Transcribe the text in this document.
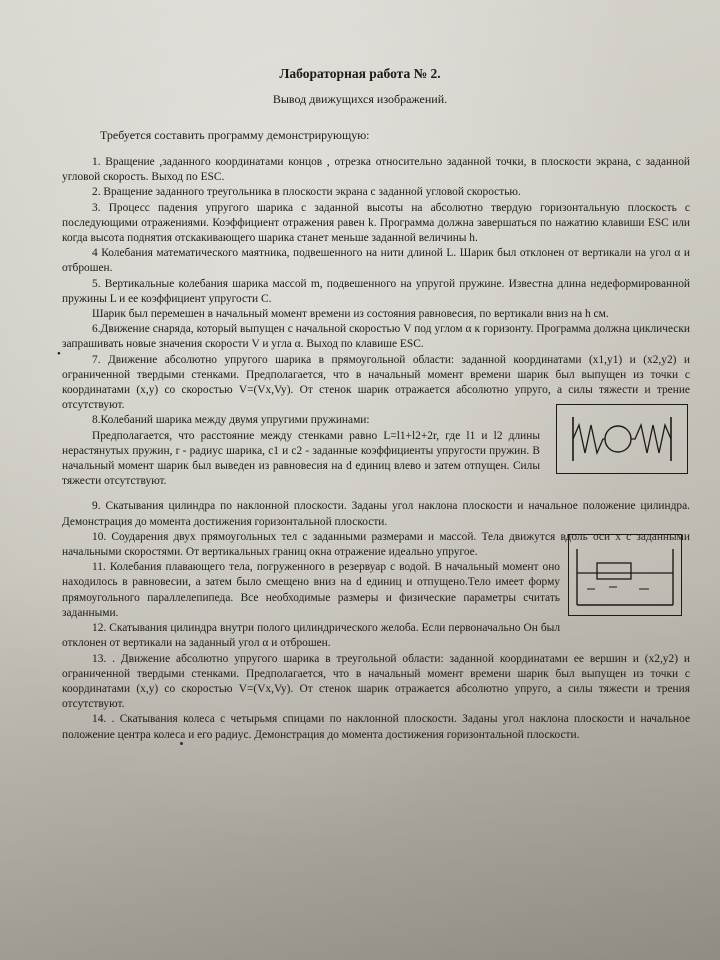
Лабораторная работа № 2.
Вывод движущихся изображений.
Требуется составить программу демонстрирующую:
•

1. Вращение ,заданного координатами концов , отрезка относительно заданной точки, в плоскости экрана, с заданной угловой скорость. Выход по ESC.

2. Вращение заданного треугольника в плоскости экрана с заданной угловой скоростью.

3. Процесс падения упругого шарика с заданной высоты на абсолютно твердую горизонтальную плоскость с последующими отражениями. Коэффициент отражения равен k. Программа должна завершаться по нажатию клавиши ESC или когда высота поднятия отскакивающего шарика станет меньше заданной величины h.

4 Колебания математического маятника, подвешенного на нити длиной L. Шарик был отклонен от вертикали на угол α и отброшен.

5. Вертикальные колебания шарика массой m, подвешенного на упругой пружине. Известна длина недеформированной пружины L и ее коэффициент упругости C.

Шарик был перемешен в начальный момент времени из состояния равновесия, по вертикали вниз на h см.

6.Движение снаряда, который выпущен с начальной скоростью V под углом α к горизонту. Программа должна циклически запрашивать новые значения скорости V и угла α. Выход по клавише ESC.

7. Движение абсолютно упругого шарика в прямоугольной области: заданной координатами (x1,y1) и (x2,y2) и ограниченной твердыми стенками. Предполагается, что в начальный момент времени шарик был выпущен из точки с координатами (x,y) со скоростью V=(Vx,Vy). От стенок шарик отражается абсолютно упруго, а силы тяжести и трение отсутствуют.

8.Колебаний шарика между двумя упругими пружинами:

Предполагается, что расстояние между стенками равно L=l1+l2+2r, где l1 и l2 длины нерастянутых пружин, r - радиус шарика, c1 и c2 - заданные коэффициенты упругости пружин. В начальный момент шарик был выведен из равновесия на d единиц влево и затем отпущен. Силы тяжести отсутствуют.

9. Скатывания цилиндра по наклонной плоскости. Заданы угол наклона плоскости и начальное положение цилиндра. Демонстрация до момента достижения горизонтальной плоскости.

10. Соударения двух прямоугольных тел с заданными размерами и массой. Тела движутся вдоль оси x с заданными начальными скоростями. От вертикальных границ окна отражение идеально упругое.

11. Колебания плавающего тела, погруженного в резервуар с водой. В начальный момент оно находилось в равновесии, а затем было смещено вниз на d единиц и отпущено.Тело имеет форму прямоугольного параллелепипеда. Все необходимые размеры и физические параметры считать заданными.

12. Скатывания цилиндра внутри полого цилиндрического желоба. Если первоначально Он был отклонен от вертикали на заданный угол α и отброшен.

13. . Движение абсолютно упругого шарика в треугольной области: заданной координатами ее вершин и (x2,y2) и ограниченной твердыми стенками. Предполагается, что в начальный момент времени шарик был выпущен из точки с координатами (x,y) со скоростью V=(Vx,Vy). От стенок шарик отражается абсолютно упруго, а силы тяжести и трения отсутствуют.

14. . Скатывания колеса с четырьмя спицами по наклонной плоскости. Заданы угол наклона плоскости и начальное положение центра колеса и его радиус. Демонстрация до момента достижения горизонтальной плоскости.
